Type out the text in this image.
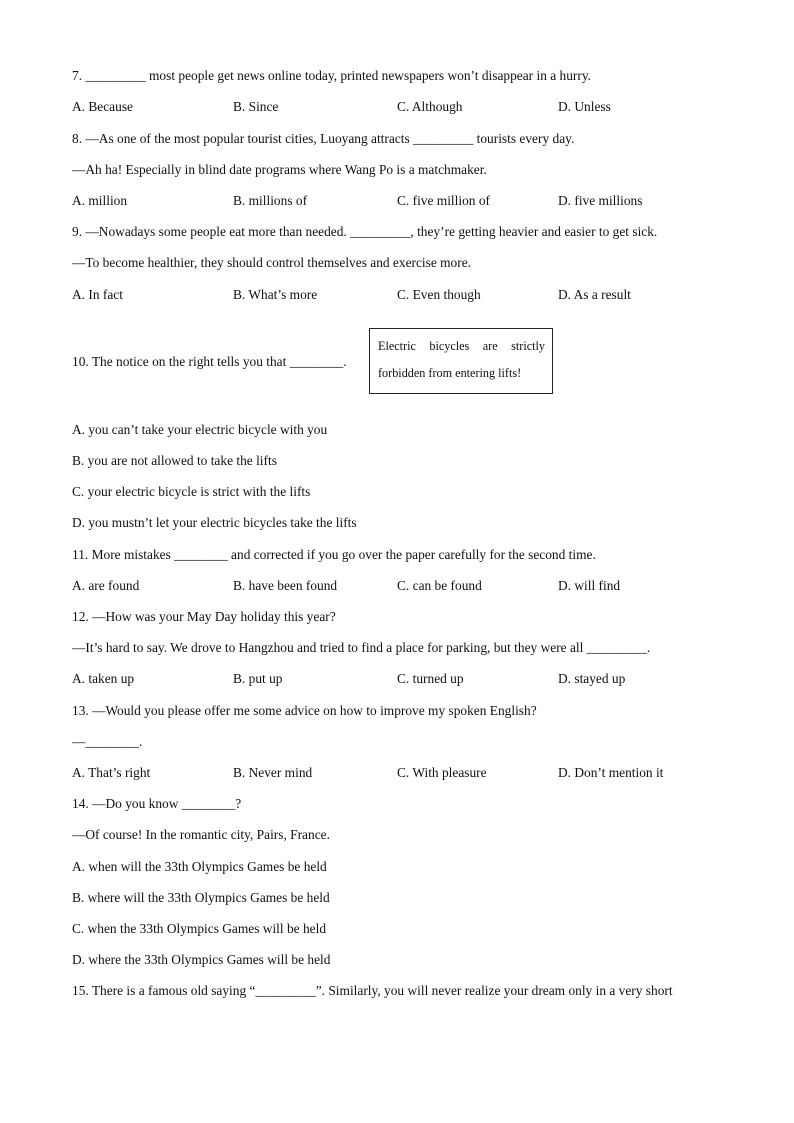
7. _________ most people get news online today, printed newspapers won’t disappear in a hurry.
A. Because	B. Since	C. Although	D. Unless
8. —As one of the most popular tourist cities, Luoyang attracts _________ tourists every day.
—Ah ha! Especially in blind date programs where Wang Po is a matchmaker.
A. million	B. millions of	C. five million of	D. five millions
9. —Nowadays some people eat more than needed. _________, they’re getting heavier and easier to get sick.
—To become healthier, they should control themselves and exercise more.
A. In fact	B. What’s more	C. Even though	D. As a result
10. The notice on the right tells you that ________.
Electric bicycles are strictly
forbidden from entering lifts!
A. you can’t take your electric bicycle with you
B. you are not allowed to take the lifts
C. your electric bicycle is strict with the lifts
D. you mustn’t let your electric bicycles take the lifts
11. More mistakes ________ and corrected if you go over the paper carefully for the second time.
A. are found	B. have been found	C. can be found	D. will find
12. —How was your May Day holiday this year?
—It’s hard to say. We drove to Hangzhou and tried to find a place for parking, but they were all _________.
A. taken up	B. put up	C. turned up	D. stayed up
13. —Would you please offer me some advice on how to improve my spoken English?
—________.
A. That’s right	B. Never mind	C. With pleasure	D. Don’t mention it
14. —Do you know ________?
—Of course! In the romantic city, Pairs, France.
A. when will the 33th Olympics Games be held
B. where will the 33th Olympics Games be held
C. when the 33th Olympics Games will be held
D. where the 33th Olympics Games will be held
15. There is a famous old saying “_________”. Similarly, you will never realize your dream only in a very short
